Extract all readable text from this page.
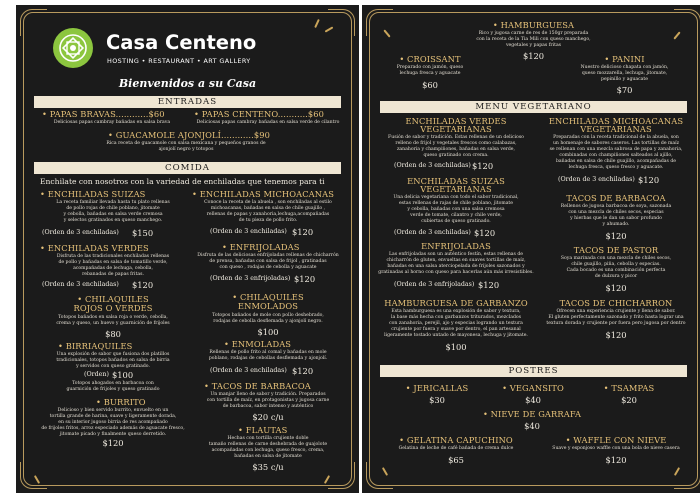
Casa Centeno
HOSTING • RESTAURANT • ART GALLERY
Bienvenidos a su Casa
ENTRADAS
• PAPAS BRAVAS............$60
Deliciosas papas cambray bañadas en salsa brava
• PAPAS CENTENO...........$60
Deliciosas papas cambray bañadas en salsa verde de cilantro
• GUACAMOLE AJONJOLÍ............$90
Rica receta de guacamole con salsa mexicana y pequeños granos de
ajonjolí negro y totopos
COMIDA
Enchilate con nosotros con la variedad de enchiladas que tenemos para ti
• ENCHILADAS SUIZAS
La receta familiar llevada hasta tu plato rellenas
de pollo rojas de chile poblano, jitomate
y cebolla, bañadas en salsa verde cremosa
y selectos gratinados en queso manchego.
(Orden de 3 enchiladas) $150
• ENCHILADAS VERDES
Disfruta de las tradicionales enchiladas rellenas
de pollo y bañadas en salsa de tomatillo verde,
acompañadas de lechuga, cebolla,
rebanadas de papas fritas.
(Orden de 3 enchiladas) $120
• CHILAQUILES
ROJOS O VERDES
Totopos bañados en salsa roja o verde, cebolla,
crema y queso, un huevo y guarnición de frijoles
$80
• BIRRIAQUILES
Una explosión de sabor que fusiona dos platillos
tradicionales, totopos bañados en salsa de birria
y servidos con queso gratinado.
(Orden) $100
Totopos ahogados en barbacoa con
guarnición de frijoles y queso gratinado
• BURRITO
Delicioso y bien servido burrito, envuelto en un
tortilla grande de harina, suave y ligeramente dorada,
en su interior jugoso birria de res acompañado
de frijoles fritos, arroz especiado además de aguacate fresco,
jitomate picado y finalmente queso derretido.
$120
• ENCHILADAS MICHOACANAS
Conoce la receta de la abuela , son enchiladas al estilo
michoacanas, bañadas en salsa de chile guajillo ,
rellenas de papas y zanahoria,lechuga,acompañadas
de tu pieza de pollo frito.
(Orden de 3 enchiladas) $120
• ENFRIJOLADAS
Disfruta de las deliciosas enfrijoladas rellenas de chicharrón
de prensa, bañadas con salsa de frijol , gratinadas
con queso , rodajas de cebolla y aguacate
(Orden de 3 enfrijoladas) $120
• CHILAQUILES
ENMOLADOS
Totopos bañados de mole con pollo deshebrado,
rodajas de cebolla desflemada y ajonjolí negro.
$100
• ENMOLADAS
Rellenas de pollo frito al comal y bañadas en mole
poblano, rodajas de cebollas desflemada y ajonjolí.
(Orden de 3 enchiladas) $120
• TACOS DE BARBACOA
Un manjar lleno de sabor y tradición. Preparados
con tortilla de maíz, en protagonistas y jugosa carne
de barbacoa, sabor intenso y auténtico
$20 c/u
• FLAUTAS
Hechas con tortilla crujiente doble
tamaño rellenas de carne deshebrada de guajolote
acompañadas con lechuga, queso fresco, crema,
bañadas en salsa de jitomate
$35 c/u
• HAMBURGUESA
Rico y jugosa carne de res de 150gr preparada
con la receta de la Tia Mili con queso manchego,
vegetales y papas fritas
$120
• CROISSANT
Preparado con jamón, queso
lechuga fresca y aguacate
$60
• PANINI
Nuestro delicioso chapata con jamón,
queso mozzarella, lechuga, jitomate,
pepinillo y aguacate
$70
MENU VEGETARIANO
ENCHILADAS VERDES
VEGETARIANAS
Fusión de sabor y tradición. Estas rellenas de un delicioso
relleno de frijol y vegetales frescos como calabazas,
zanahoria y champiñones, bañadas en salsa verde,
queso gratinado con crema.
(Orden de 3 enchiladas) $120
ENCHILADAS SUIZAS
VEGETARIANAS
Una delicia vegetariana con todo el sabor tradicional,
estas rellenas de rajas de chile poblano, jitomate
y cebolla, bañadas con una salsa cremosa
verde de tomate, cilantro y chile verde,
cubiertas de queso gratinado.
(Orden de 3 enchiladas) $120
ENFRIJOLADAS
Las enfrijoladas son un auténtico festín, estas rellenas de
chicharrón de gluten, envueltas en suaves tortillas de maíz,
bañadas en una salsa aterciopelada de frijoles sazonados y
gratinadas al horno con queso para hacerlas aún más irresistibles.
(Orden de 3 enfrijoladas) $120
HAMBURGUESA DE GARBANZO
Esta hamburguesa es una explosión de sabor y textura,
la base más hecha con garbanzos triturados, mezclados
con zanahoria, perejil, ajo y especias logrando un textura
crujiente por fuera y suave por dentro, el pan artesanal
ligeramente tostado untado de mayonesa, lechuga y jitomate.
$100
ENCHILADAS MICHOACANAS
VEGETARIANAS
Preparadas con la receta tradicional de la abuela, son
un homenaje de sabores caseros. Las tortillas de maíz
se rellenan con una mezcla sabrosa de papa y zanahoria,
combinadas con champiñones salteados al ajillo,
bañadas en salsa de chile guajillo, acompañadas de
lechuga fresca, queso fresco y aguacate.
(Orden de 3 enchiladas) $120
TACOS DE BARBACOA
Rellenos de jugosa barbacoa de soya, sazonada
con una mezcla de chiles secos, especias
y hierbas que le dan un sabor profundo
y ahumado.
$120
TACOS DE PASTOR
Soya marinada con una mezcla de chiles secos,
chile guajillo, piña, cebolla y especias.
Cada bocado es una combinación perfecta
de dulzura y picor
$120
TACOS DE CHICHARRON
Ofrecen una experiencia crujiente y llena de sabor.
El gluten perfectamente sazonado y frito hasta lograr una
textura dorada y crujiente por fuera pero jugosa por dentro
$120
POSTRES
• JERICALLAS
$30
• VEGANSITO
$40
• TSAMPAS
$20
• NIEVE DE GARRAFA
$40
• GELATINA CAPUCHINO
Gelatina de leche de café bañada de crema dulce
$65
• WAFFLE CON NIEVE
Suave y esponjoso waffle con una bola de nieve casera
$120
